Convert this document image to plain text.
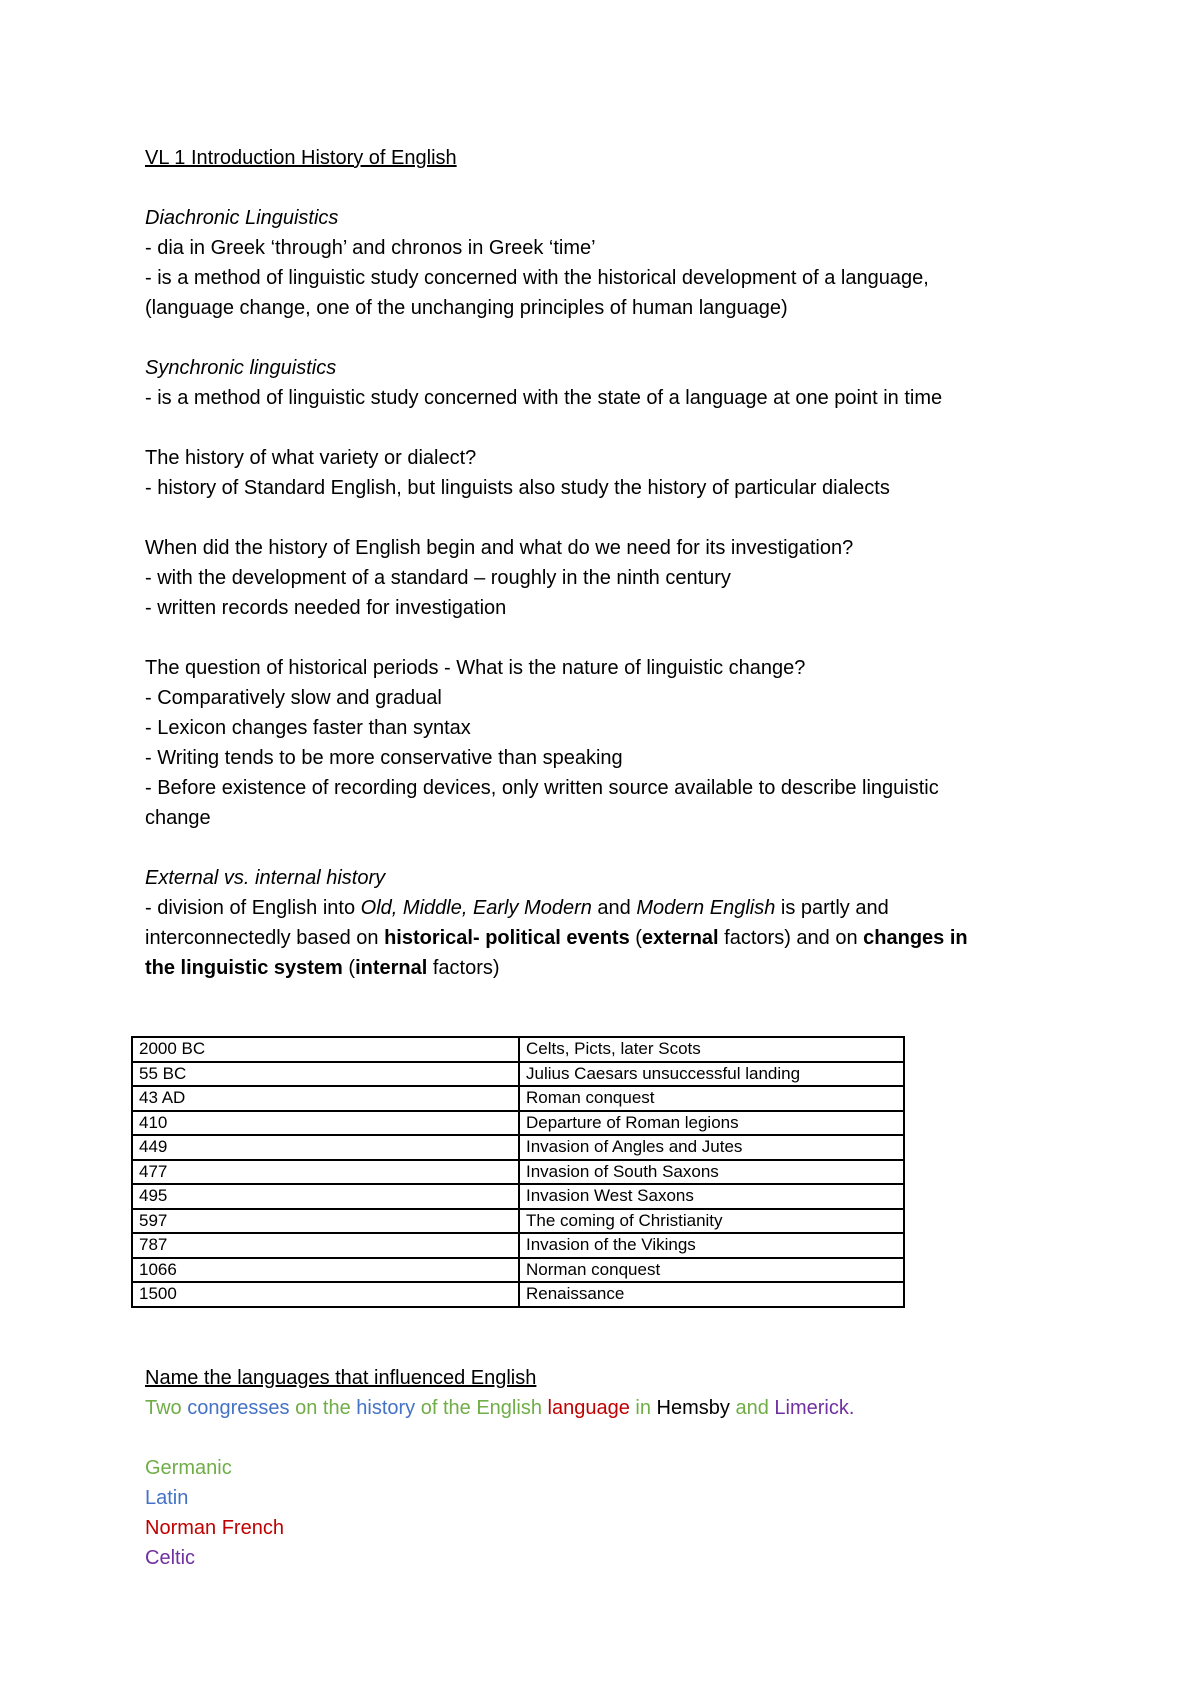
VL 1 Introduction History of English

Diachronic Linguistics

- dia in Greek ‘through’ and chronos in Greek ‘time’

- is a method of linguistic study concerned with the historical development of a language,

(language change, one of the unchanging principles of human language)

Synchronic linguistics

- is a method of linguistic study concerned with the state of a language at one point in time

The history of what variety or dialect?

- history of Standard English, but linguists also study the history of particular dialects

When did the history of English begin and what do we need for its investigation?

- with the development of a standard – roughly in the ninth century

- written records needed for investigation

The question of historical periods - What is the nature of linguistic change?

- Comparatively slow and gradual

- Lexicon changes faster than syntax

- Writing tends to be more conservative than speaking

- Before existence of recording devices, only written source available to describe linguistic

change

External vs. internal history

- division of English into Old, Middle, Early Modern and Modern English is partly and

interconnectedly based on historical- political events (external factors) and on changes in

the linguistic system (internal factors)

2000 BC	Celts, Picts, later Scots
55 BC	Julius Caesars unsuccessful landing
43 AD	Roman conquest
410	Departure of Roman legions
449	Invasion of Angles and Jutes
477	Invasion of South Saxons
495	Invasion West Saxons
597	The coming of Christianity
787	Invasion of the Vikings
1066	Norman conquest
1500	Renaissance

Name the languages that influenced English

Two congresses on the history of the English language in Hemsby and Limerick.

Germanic

Latin

Norman French

Celtic
